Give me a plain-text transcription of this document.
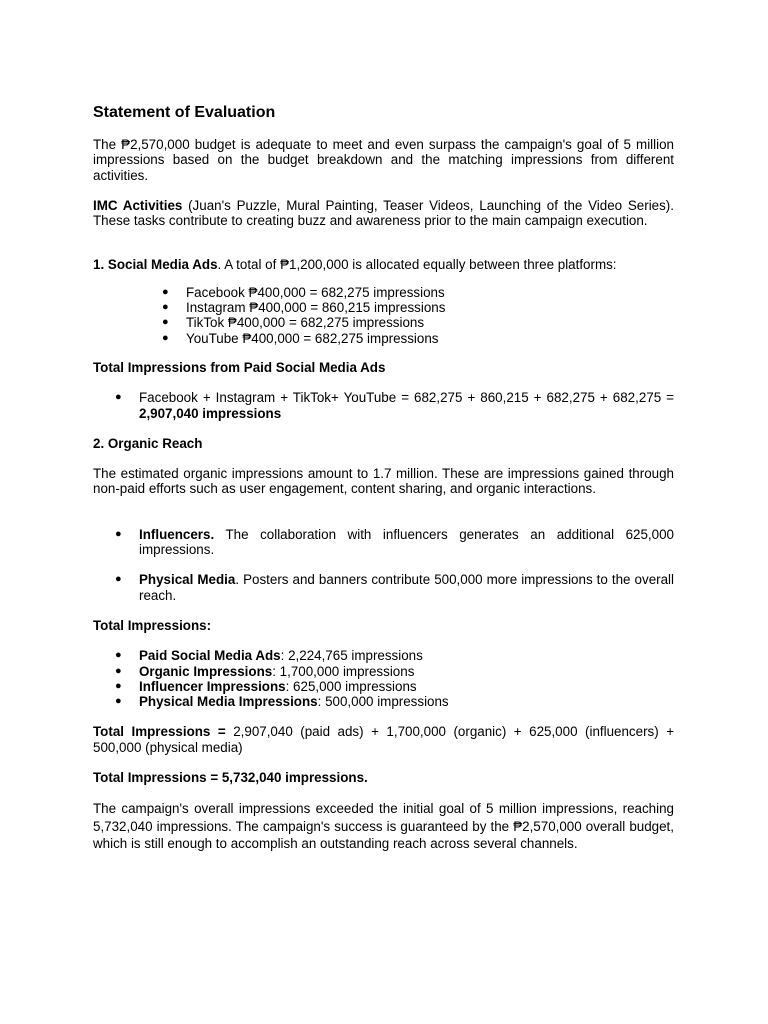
Statement of Evaluation

The ₱2,570,000 budget is adequate to meet and even surpass the campaign's goal of 5 million impressions based on the budget breakdown and the matching impressions from different activities.

IMC Activities (Juan's Puzzle, Mural Painting, Teaser Videos, Launching of the Video Series). These tasks contribute to creating buzz and awareness prior to the main campaign execution.

1. Social Media Ads. A total of ₱1,200,000 is allocated equally between three platforms:

● Facebook ₱400,000 = 682,275 impressions
● Instagram ₱400,000 = 860,215 impressions
● TikTok ₱400,000 = 682,275 impressions
● YouTube ₱400,000 = 682,275 impressions

Total Impressions from Paid Social Media Ads

● Facebook + Instagram + TikTok+ YouTube = 682,275 + 860,215 + 682,275 + 682,275 = 2,907,040 impressions

2. Organic Reach

The estimated organic impressions amount to 1.7 million. These are impressions gained through non-paid efforts such as user engagement, content sharing, and organic interactions.

● Influencers. The collaboration with influencers generates an additional 625,000 impressions.
● Physical Media. Posters and banners contribute 500,000 more impressions to the overall reach.

Total Impressions:

● Paid Social Media Ads: 2,224,765 impressions
● Organic Impressions: 1,700,000 impressions
● Influencer Impressions: 625,000 impressions
● Physical Media Impressions: 500,000 impressions

Total Impressions = 2,907,040 (paid ads) + 1,700,000 (organic) + 625,000 (influencers) + 500,000 (physical media)

Total Impressions = 5,732,040 impressions.

The campaign's overall impressions exceeded the initial goal of 5 million impressions, reaching 5,732,040 impressions. The campaign's success is guaranteed by the ₱2,570,000 overall budget, which is still enough to accomplish an outstanding reach across several channels.
